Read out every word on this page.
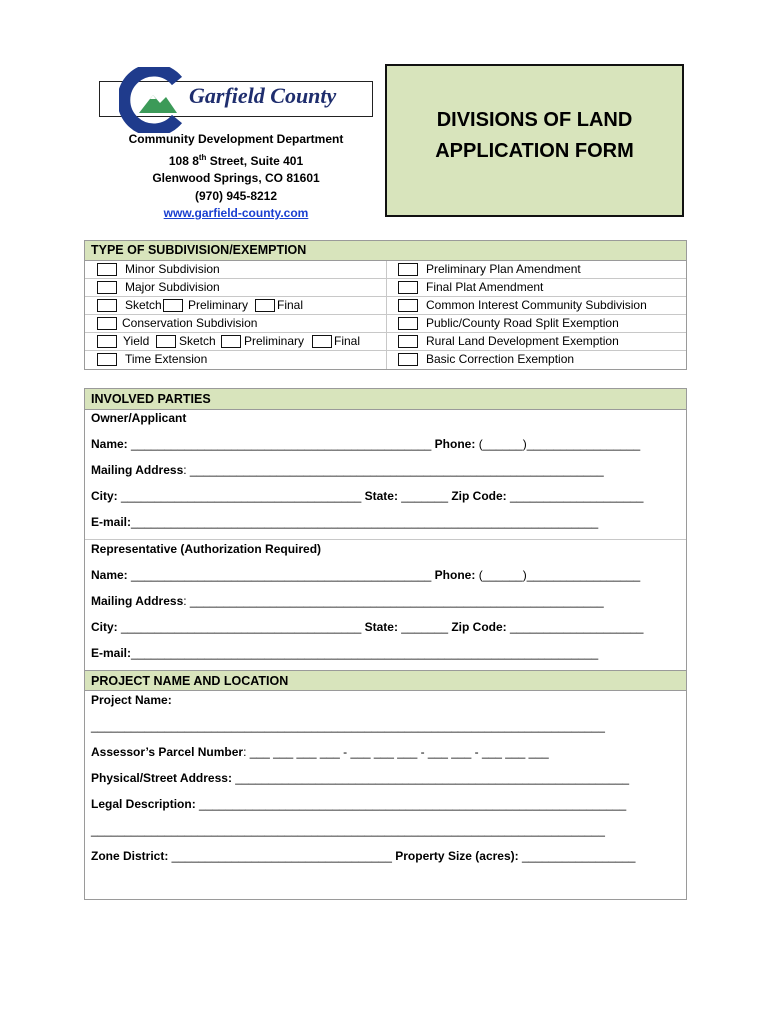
Garfield County
Community Development Department
108 8th Street, Suite 401
Glenwood Springs, CO 81601
(970) 945-8212
www.garfield-county.com
DIVISIONS OF LAND
APPLICATION FORM
TYPE OF SUBDIVISION/EXEMPTION
Minor Subdivision	Preliminary Plan Amendment
Major Subdivision	Final Plat Amendment
Sketch Preliminary Final	Common Interest Community Subdivision
Conservation Subdivision	Public/County Road Split Exemption
Yield Sketch Preliminary Final	Rural Land Development Exemption
Time Extension	Basic Correction Exemption
INVOLVED PARTIES
Owner/Applicant
Name: _____________________________________________ Phone: (______)_________________
Mailing Address: ______________________________________________________________
City: ____________________________________ State: _______ Zip Code: ____________________
E-mail:______________________________________________________________________
Representative (Authorization Required)
Name: _____________________________________________ Phone: (______)_________________
Mailing Address: ______________________________________________________________
City: ____________________________________ State: _______ Zip Code: ____________________
E-mail:______________________________________________________________________
PROJECT NAME AND LOCATION
Project Name:
_____________________________________________________________________________
Assessor’s Parcel Number: ___ ___ ___ ___ - ___ ___ ___ - ___ ___ - ___ ___ ___
Physical/Street Address: ___________________________________________________________
Legal Description: ________________________________________________________________
_____________________________________________________________________________
Zone District: _________________________________ Property Size (acres): _________________
